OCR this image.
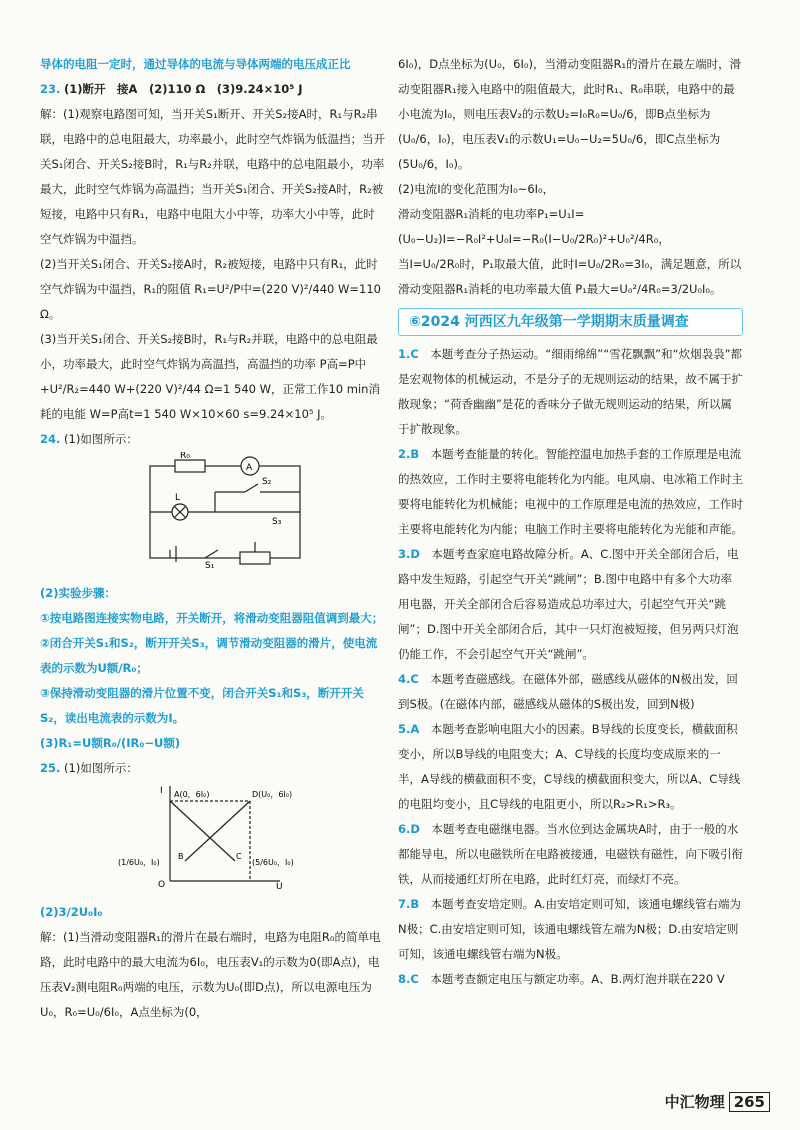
导体的电阻一定时，通过导体的电流与导体两端的电压成正比

23. (1)断开　接A　(2)110 Ω　(3)9.24×10⁵ J

解：(1)观察电路图可知，当开关S₁断开、开关S₂接A时，R₁与R₂串联，电路中的总电阻最大，功率最小，此时空气炸锅为低温挡；当开关S₁闭合、开关S₂接B时，R₁与R₂并联，电路中的总电阻最小，功率最大，此时空气炸锅为高温挡；当开关S₁闭合、开关S₂接A时，R₂被短接，电路中只有R₁，电路中电阻大小中等，功率大小中等，此时空气炸锅为中温挡。

(2)当开关S₁闭合、开关S₂接A时，R₂被短接，电路中只有R₁，此时空气炸锅为中温挡，R₁的阻值 R₁=U²/P中=(220 V)²/440 W=110 Ω。

(3)当开关S₁闭合、开关S₂接B时，R₁与R₂并联，电路中的总电阻最小，功率最大，此时空气炸锅为高温挡，高温挡的功率 P高=P中+U²/R₂=440 W+(220 V)²/44 Ω=1 540 W，正常工作10 min消耗的电能 W=P高t=1 540 W×10×60 s=9.24×10⁵ J。

24. (1)如图所示：

R₀
A
L
S₂
S₃
S₁

(2)实验步骤：

①按电路图连接实物电路，开关断开，将滑动变阻器阻值调到最大；

②闭合开关S₁和S₂，断开开关S₃，调节滑动变阻器的滑片，使电流表的示数为U额/R₀；

③保持滑动变阻器的滑片位置不变，闭合开关S₁和S₃，断开开关S₂，读出电流表的示数为I。

(3)R₁=U额R₀/(IR₀−U额)

25. (1)如图所示：

I A(0，6I₀)	D(U₀，6I₀)
(1/6U₀，I₀)
B	C
(5/6U₀，I₀)
O	U

(2)3/2U₀I₀

解：(1)当滑动变阻器R₁的滑片在最右端时，电路为电阻R₀的简单电路，此时电路中的最大电流为6I₀，电压表V₁的示数为0(即A点)，电压表V₂测电阻R₀两端的电压，示数为U₀(即D点)，所以电源电压为U₀，R₀=U₀/6I₀，A点坐标为(0，

6I₀)，D点坐标为(U₀，6I₀)，当滑动变阻器R₁的滑片在最左端时，滑动变阻器R₁接入电路中的阻值最大，此时R₁、R₀串联，电路中的最小电流为I₀，则电压表V₂的示数U₂=I₀R₀=U₀/6，即B点坐标为(U₀/6，I₀)，电压表V₁的示数U₁=U₀−U₂=5U₀/6，即C点坐标为(5U₀/6，I₀)。

(2)电流I的变化范围为I₀~6I₀，

滑动变阻器R₁消耗的电功率P₁=U₁I=(U₀−U₂)I=−R₀I²+U₀I=−R₀(I−U₀/2R₀)²+U₀²/4R₀，

当I=U₀/2R₀时，P₁取最大值，此时I=U₀/2R₀=3I₀，满足题意，所以滑动变阻器R₁消耗的电功率最大值 P₁最大=U₀²/4R₀=3/2U₀I₀。

⑥2024 河西区九年级第一学期期末质量调查

1.C　 本题考查分子热运动。“细雨绵绵”“雪花飘飘”和“炊烟袅袅”都是宏观物体的机械运动，不是分子的无规则运动的结果，故不属于扩散现象；“荷香幽幽”是花的香味分子做无规则运动的结果，所以属于扩散现象。

2.B　 本题考查能量的转化。智能控温电加热手套的工作原理是电流的热效应，工作时主要将电能转化为内能。电风扇、电冰箱工作时主要将电能转化为机械能；电视中的工作原理是电流的热效应，工作时主要将电能转化为内能；电脑工作时主要将电能转化为光能和声能。

3.D　 本题考查家庭电路故障分析。A、C.图中开关全部闭合后，电路中发生短路，引起空气开关“跳闸”；B.图中电路中有多个大功率用电器，开关全部闭合后容易造成总功率过大，引起空气开关“跳闸”；D.图中开关全部闭合后，其中一只灯泡被短接，但另两只灯泡仍能工作，不会引起空气开关“跳闸”。

4.C　 本题考查磁感线。在磁体外部，磁感线从磁体的N极出发，回到S极。(在磁体内部，磁感线从磁体的S极出发，回到N极)

5.A　 本题考查影响电阻大小的因素。B导线的长度变长，横截面积变小，所以B导线的电阻变大；A、C导线的长度均变成原来的一半，A导线的横截面积不变，C导线的横截面积变大，所以A、C导线的电阻均变小，且C导线的电阻更小，所以R₂>R₁>R₃。

6.D　 本题考查电磁继电器。当水位到达金属块A时，由于一般的水都能导电，所以电磁铁所在电路被接通，电磁铁有磁性，向下吸引衔铁，从而接通红灯所在电路，此时红灯亮，而绿灯不亮。

7.B　 本题考查安培定则。A.由安培定则可知，该通电螺线管右端为N极；C.由安培定则可知，该通电螺线管左端为N极；D.由安培定则可知，该通电螺线管右端为N极。

8.C　 本题考查额定电压与额定功率。A、B.两灯泡并联在220 V

中汇物理 265
